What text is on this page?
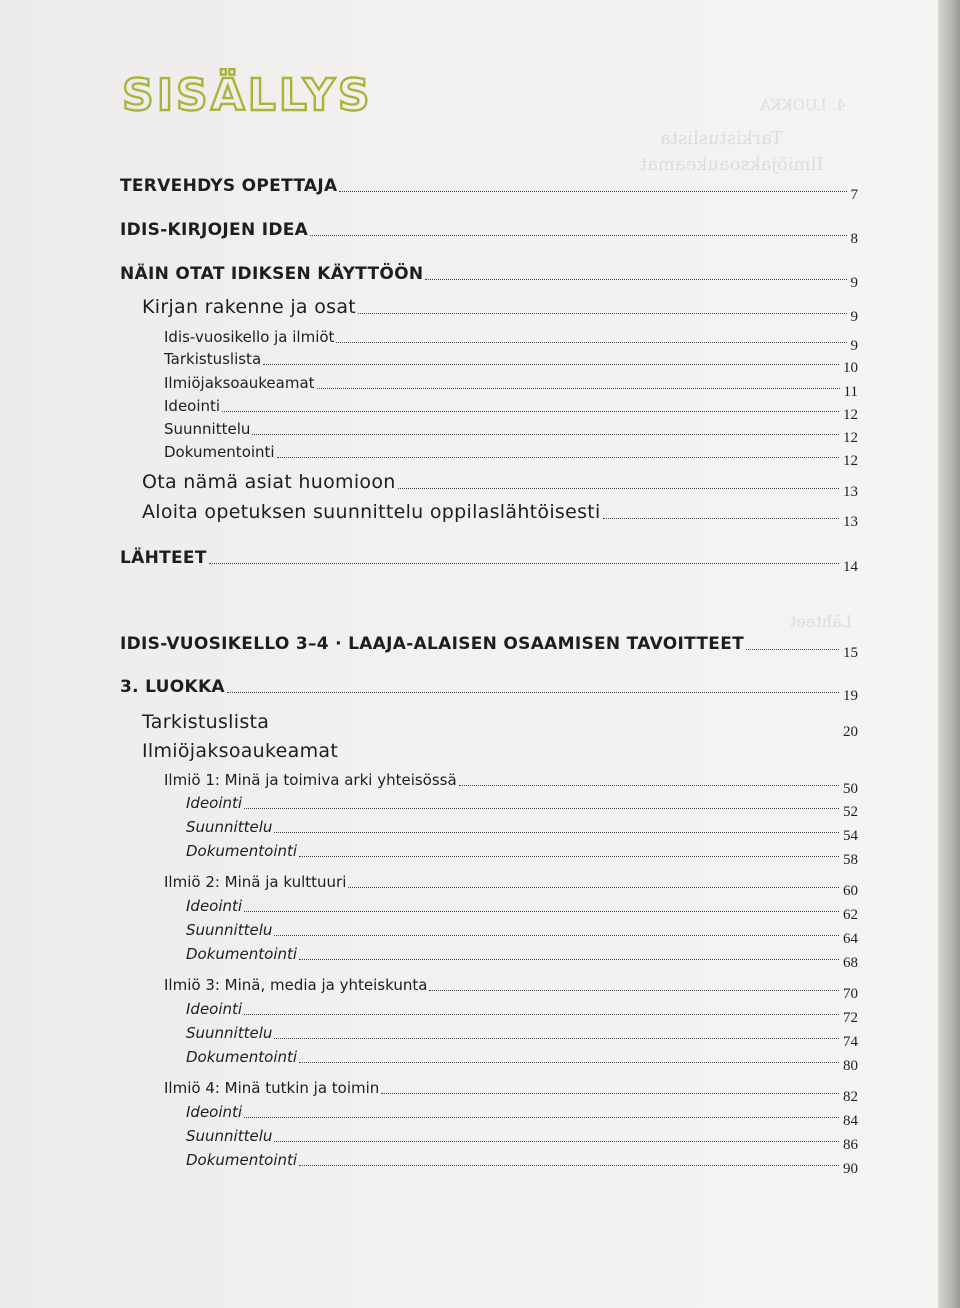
4. LUOKKA
Tarkistuslista
Ilmiöjaksoaukeamat
Lähteet
SISÄLLYS
TERVEHDYS OPETTAJA	7
IDIS-KIRJOJEN IDEA	8
NÄIN OTAT IDIKSEN KÄYTTÖÖN	9
Kirjan rakenne ja osat	9
Idis-vuosikello ja ilmiöt	9
Tarkistuslista	10
Ilmiöjaksoaukeamat	11
Ideointi	12
Suunnittelu	12
Dokumentointi	12
Ota nämä asiat huomioon	13
Aloita opetuksen suunnittelu oppilaslähtöisesti	13
LÄHTEET	14
IDIS-VUOSIKELLO 3–4 · LAAJA-ALAISEN OSAAMISEN TAVOITTEET	15
3. LUOKKA	19
Tarkistuslista	20
Ilmiöjaksoaukeamat
Ilmiö 1: Minä ja toimiva arki yhteisössä	50
Ideointi	52
Suunnittelu	54
Dokumentointi	58
Ilmiö 2: Minä ja kulttuuri	60
Ideointi	62
Suunnittelu	64
Dokumentointi	68
Ilmiö 3: Minä, media ja yhteiskunta	70
Ideointi	72
Suunnittelu	74
Dokumentointi	80
Ilmiö 4: Minä tutkin ja toimin	82
Ideointi	84
Suunnittelu	86
Dokumentointi	90
